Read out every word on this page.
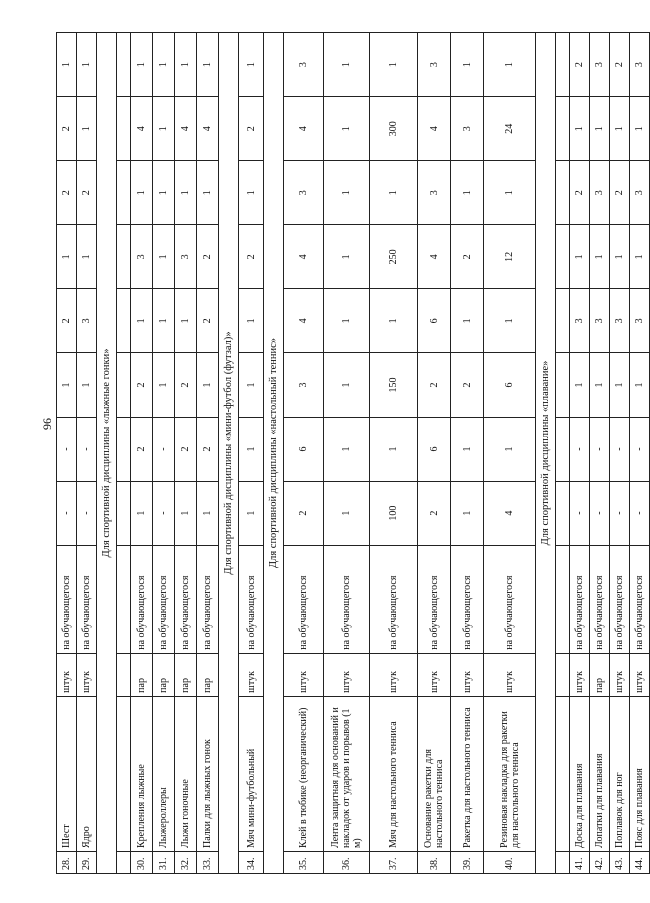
96
28.	Шест	штук	на обучающегося	-	-	1	2	1	2	2	1
29.	Ядро	штук	на обучающегося	-	-	1	3	1	2	1	1
Для спортивной дисциплины «лыжные гонки»											

30.	Крепления лыжные	пар	на обучающегося	1	2	2	1	3	1	4	1
31.	Лыжероллеры	пар	на обучающегося	-	-	1	1	1	1	1	1
32.	Лыжи гоночные	пар	на обучающегося	1	2	2	1	3	1	4	1
33.	Палки для лыжных гонок	пар	на обучающегося	1	2	1	2	2	1	4	1
Для спортивной дисциплины «мини-футбол (футзал)»											
34.	Мяч мини-футбольный	штук	на обучающегося	1	1	1	1	2	1	2	1
Для спортивной дисциплины «настольный теннис»											
35.	Клей в тюбике (неорганический)	штук	на обучающегося	2	6	3	4	4	3	4	3
36.	Лента защитная для оснований и накладок от ударов и порывов (1 м)	штук	на обучающегося	1	1	1	1	1	1	1	1
37.	Мяч для настольного тенниса	штук	на обучающегося	100	1	150	1	250	1	300	1
38.	Основание ракетки для настольного тенниса	штук	на обучающегося	2	6	2	6	4	3	4	3
39.	Ракетка для настольного тенниса	штук	на обучающегося	1	1	2	1	2	1	3	1
40.	Резиновая накладка для ракетки для настольного тенниса	штук	на обучающегося	4	1	6	1	12	1	24	1
Для спортивной дисциплины «плавание»											

41.	Доска для плавания	штук	на обучающегося	-	-	1	3	1	2	1	2
42.	Лопатки для плавания	пар	на обучающегося	-	-	1	3	1	3	1	3
43.	Поплавок для ног	штук	на обучающегося	-	-	1	3	1	2	1	2
44.	Пояс для плавания	штук	на обучающегося	-	-	1	3	1	3	1	3
